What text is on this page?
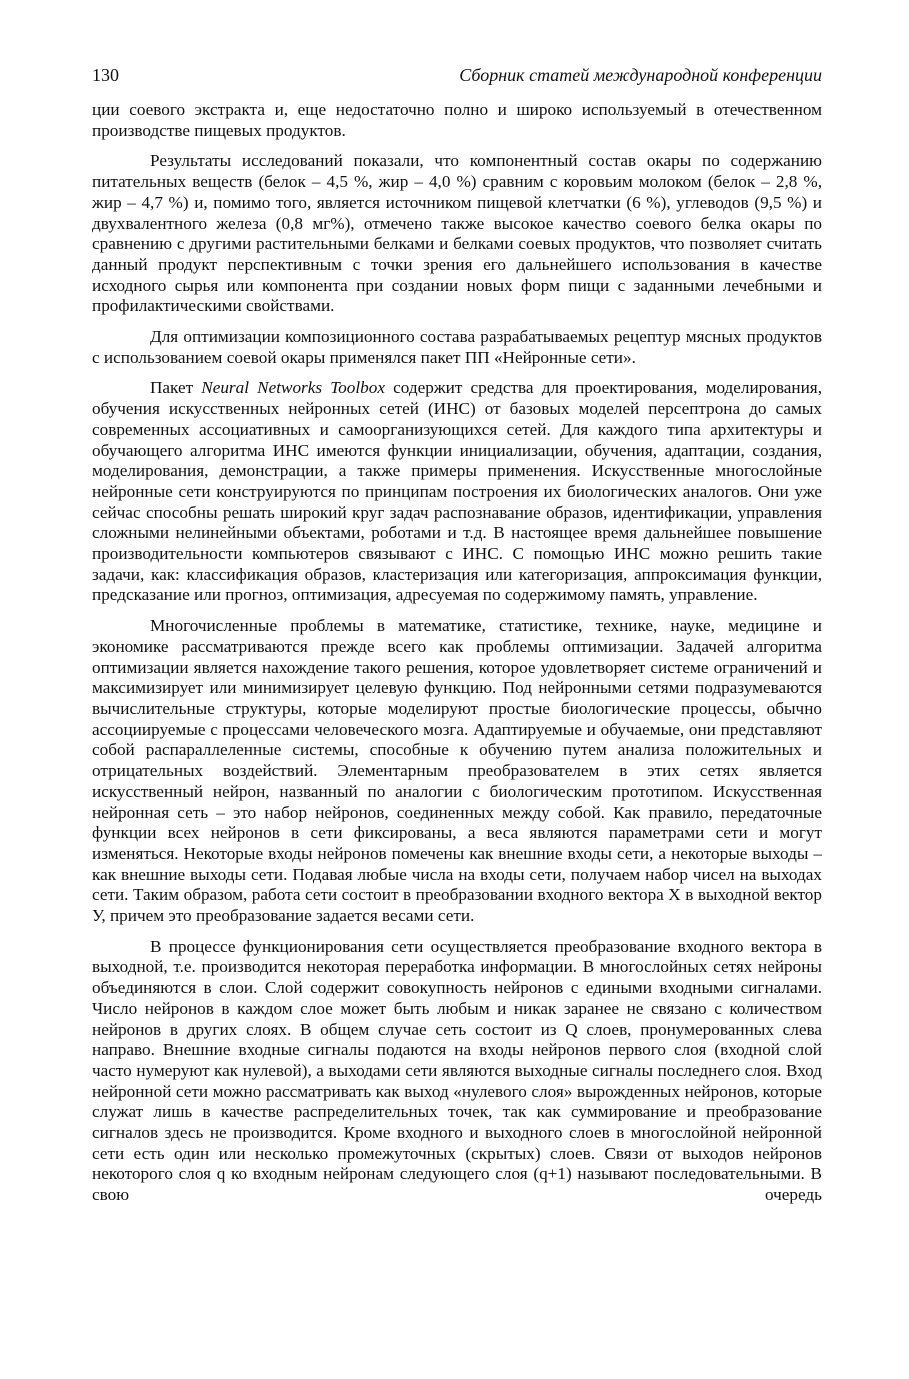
130	Сборник статей международной конференции

ции соевого экстракта и, еще недостаточно полно и широко используемый в отечественном производстве пищевых продуктов.

Результаты исследований показали, что компонентный состав окары по содержанию питательных веществ (белок – 4,5 %, жир – 4,0 %) сравним с коровьим молоком (белок – 2,8 %, жир – 4,7 %) и, помимо того, является источником пищевой клетчатки (6 %), углеводов (9,5 %) и двухвалентного железа (0,8 мг%), отмечено также высокое качество соевого белка окары по сравнению с другими растительными белками и белками соевых продуктов, что позволяет считать данный продукт перспективным с точки зрения его дальнейшего использования в качестве исходного сырья или компонента при создании новых форм пищи с заданными лечебными и профилактическими свойствами.

Для оптимизации композиционного состава разрабатываемых рецептур мясных продуктов с использованием соевой окары применялся пакет ПП «Нейронные сети».

Пакет Neural Networks Toolbox содержит средства для проектирования, моделирования, обучения искусственных нейронных сетей (ИНС) от базовых моделей персептрона до самых современных ассоциативных и самоорганизующихся сетей. Для каждого типа архитектуры и обучающего алгоритма ИНС имеются функции инициализации, обучения, адаптации, создания, моделирования, демонстрации, а также примеры применения. Искусственные многослойные нейронные сети конструируются по принципам построения их биологических аналогов. Они уже сейчас способны решать широкий круг задач распознавание образов, идентификации, управления сложными нелинейными объектами, роботами и т.д. В настоящее время дальнейшее повышение производительности компьютеров связывают с ИНС. С помощью ИНС можно решить такие задачи, как: классификация образов, кластеризация или категоризация, аппроксимация функции, предсказание или прогноз, оптимизация, адресуемая по содержимому память, управление.

Многочисленные проблемы в математике, статистике, технике, науке, медицине и экономике рассматриваются прежде всего как проблемы оптимизации. Задачей алгоритма оптимизации является нахождение такого решения, которое удовлетворяет системе ограничений и максимизирует или минимизирует целевую функцию. Под нейронными сетями подразумеваются вычислительные структуры, которые моделируют простые биологические процессы, обычно ассоциируемые с процессами человеческого мозга. Адаптируемые и обучаемые, они представляют собой распараллеленные системы, способные к обучению путем анализа положительных и отрицательных воздействий. Элементарным преобразователем в этих сетях является искусственный нейрон, названный по аналогии с биологическим прототипом. Искусственная нейронная сеть – это набор нейронов, соединенных между собой. Как правило, передаточные функции всех нейронов в сети фиксированы, а веса являются параметрами сети и могут изменяться. Некоторые входы нейронов помечены как внешние входы сети, а некоторые выходы – как внешние выходы сети. Подавая любые числа на входы сети, получаем набор чисел на выходах сети. Таким образом, работа сети состоит в преобразовании входного вектора Х в выходной вектор У, причем это преобразование задается весами сети.

В процессе функционирования сети осуществляется преобразование входного вектора в выходной, т.е. производится некоторая переработка информации. В многослойных сетях нейроны объединяются в слои. Слой содержит совокупность нейронов с едиными входными сигналами. Число нейронов в каждом слое может быть любым и никак заранее не связано с количеством нейронов в других слоях. В общем случае сеть состоит из Q слоев, пронумерованных слева направо. Внешние входные сигналы подаются на входы нейронов первого слоя (входной слой часто нумеруют как нулевой), а выходами сети являются выходные сигналы последнего слоя. Вход нейронной сети можно рассматривать как выход «нулевого слоя» вырожденных нейронов, которые служат лишь в качестве распределительных точек, так как суммирование и преобразование сигналов здесь не производится. Кроме входного и выходного слоев в многослойной нейронной сети есть один или несколько промежуточных (скрытых) слоев. Связи от выходов нейронов некоторого слоя q ко входным нейронам следующего слоя (q+1) называют последовательными. В свою очередь
